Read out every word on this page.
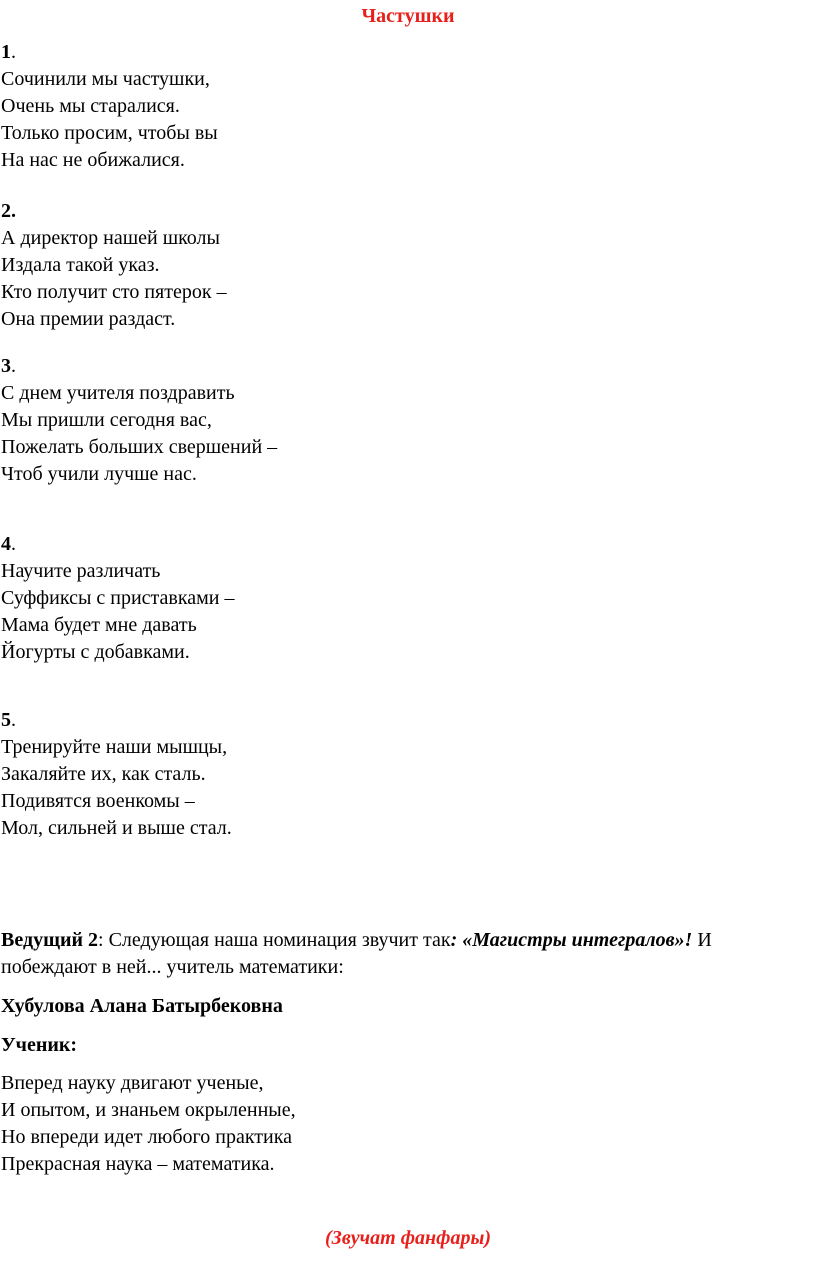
Частушки
1.
Сочинили мы частушки,
Очень мы старалися.
Только просим, чтобы вы
На нас не обижалися.
2.
А директор нашей школы
Издала такой указ.
Кто получит сто пятерок –
Она премии раздаст.
3.
С днем учителя поздравить
Мы пришли сегодня вас,
Пожелать больших свершений –
Чтоб учили лучше нас.
4.
Научите различать
Суффиксы с приставками –
Мама будет мне давать
Йогурты с добавками.
5.
Тренируйте наши мышцы,
Закаляйте их, как сталь.
Подивятся военкомы –
Мол, сильней и выше стал.
Ведущий 2: Следующая наша номинация звучит так: «Магистры интегралов»! И побеждают в ней... учитель математики:
Хубулова Алана Батырбековна
Ученик:
Вперед науку двигают ученые,
И опытом, и знаньем окрыленные,
Но впереди идет любого практика
Прекрасная наука – математика.
(Звучат фанфары)
